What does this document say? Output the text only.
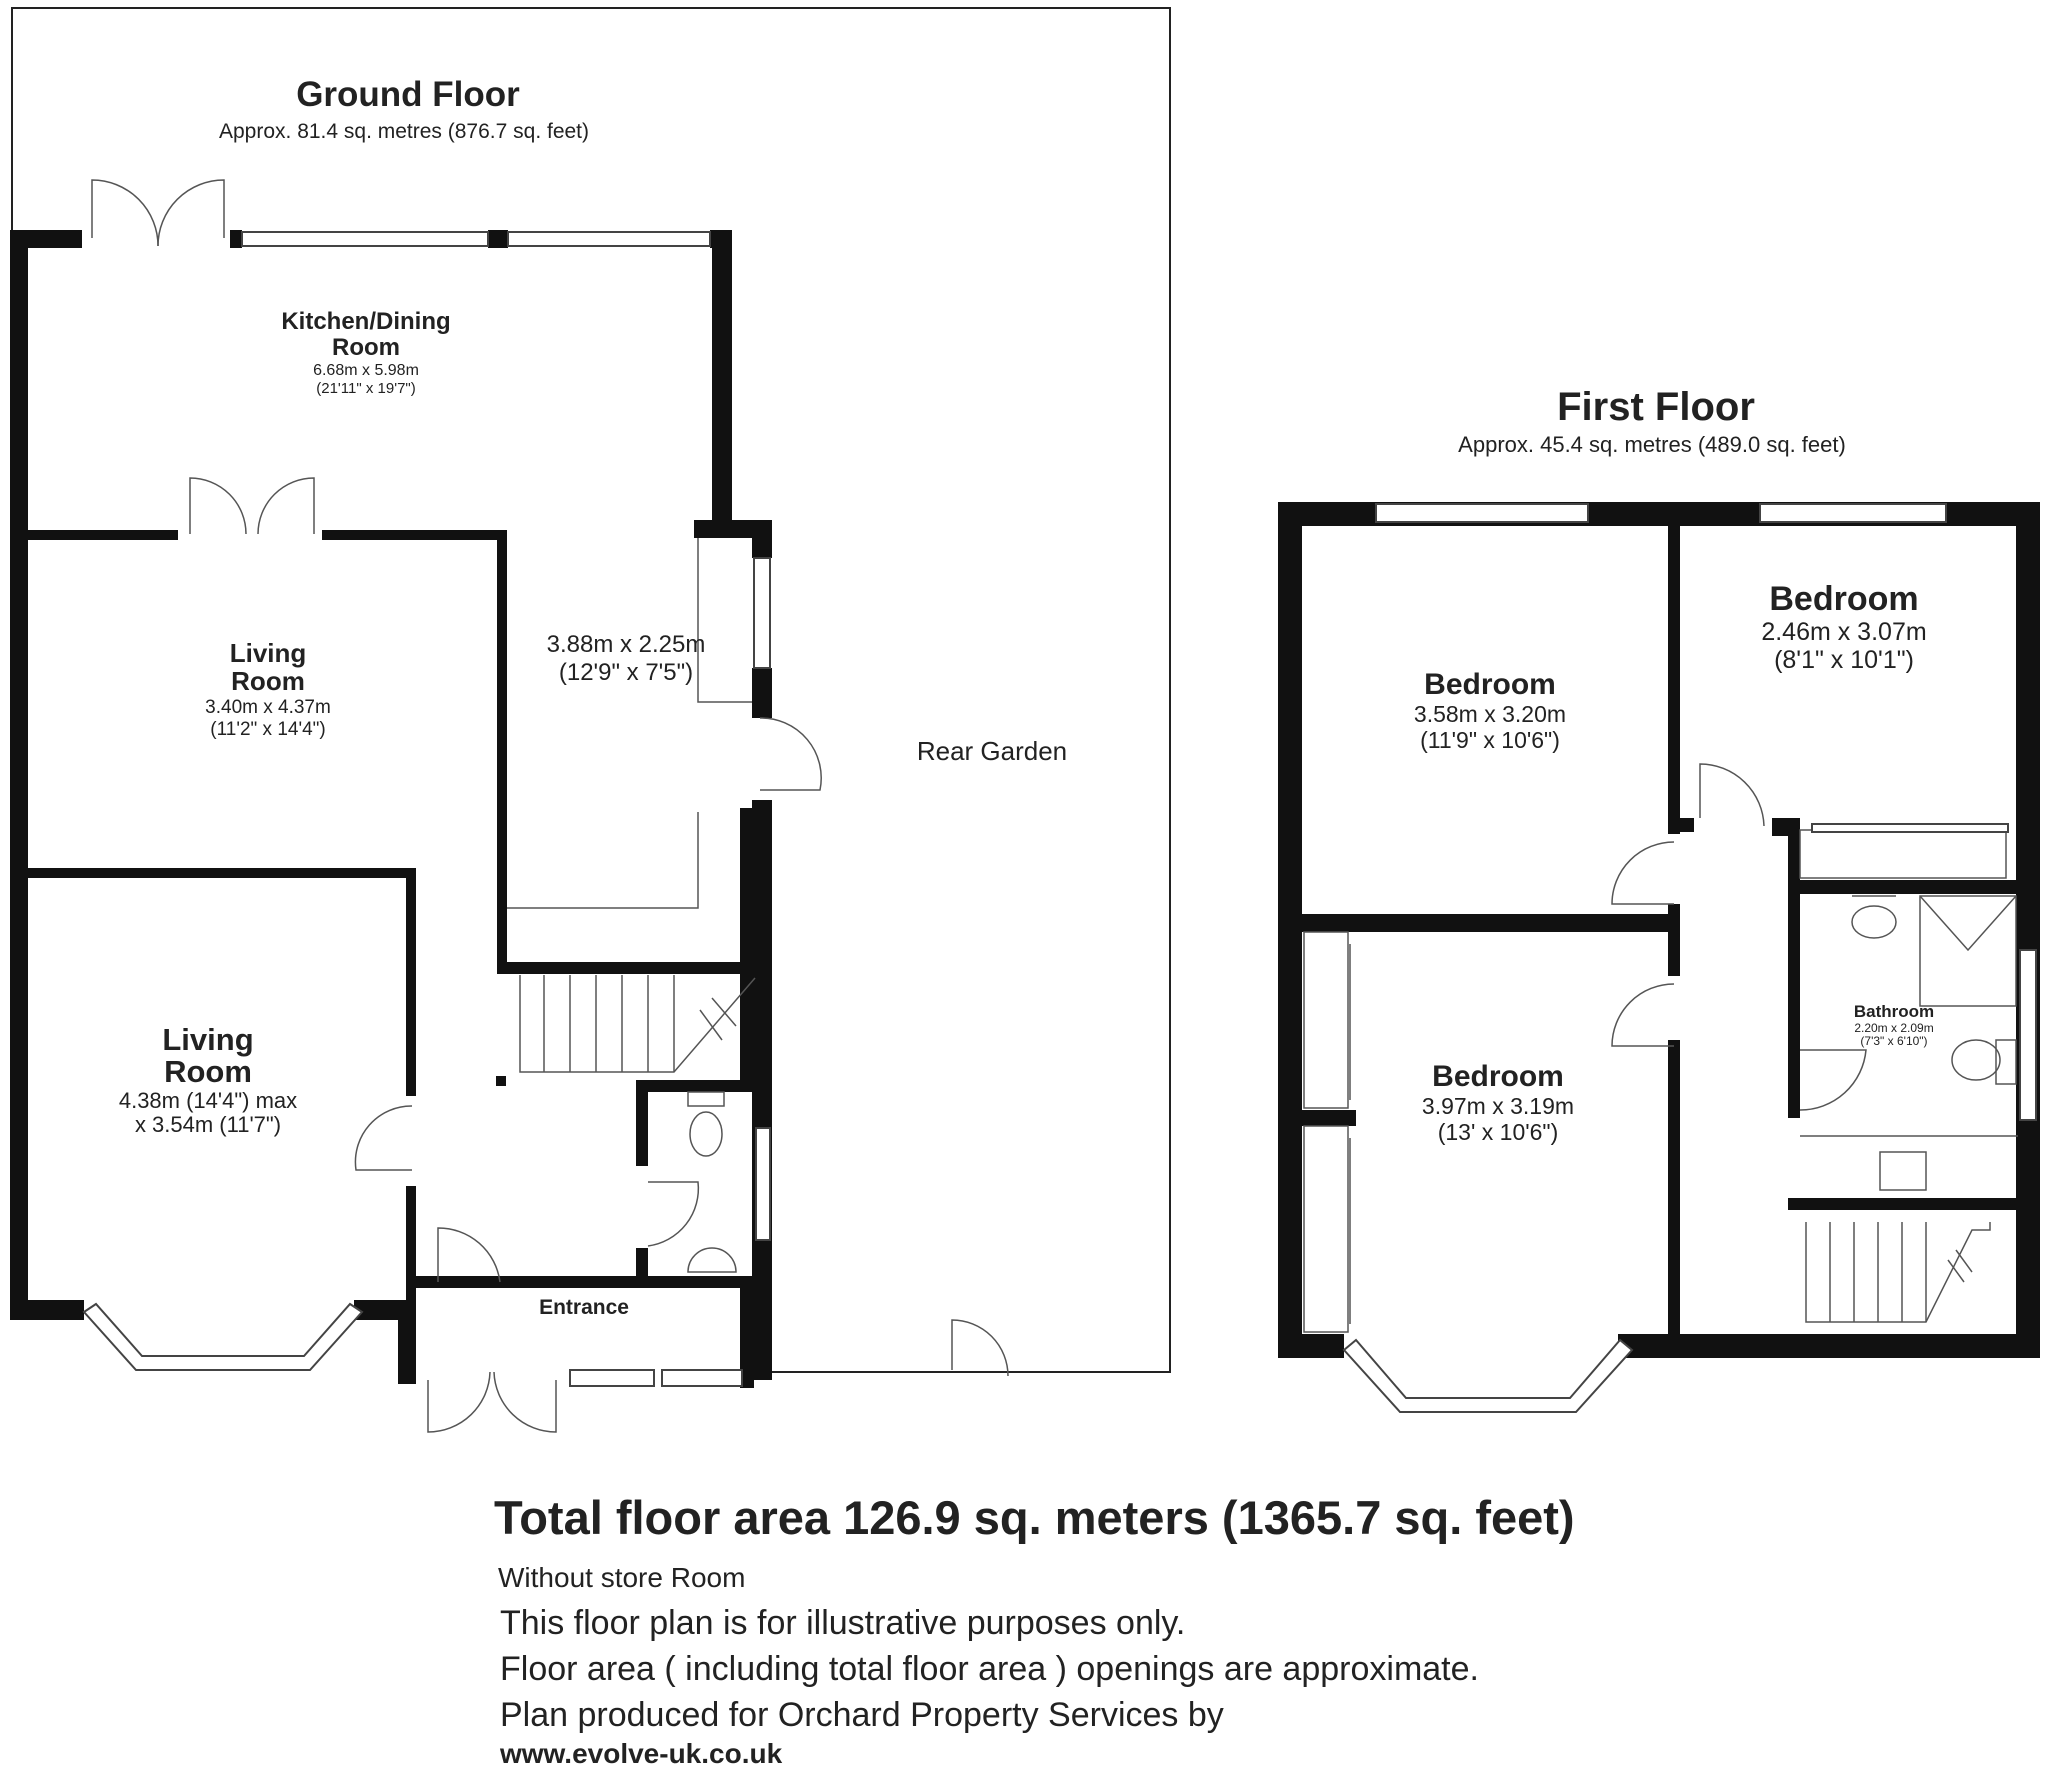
Ground Floor
Approx. 81.4 sq. metres (876.7 sq. feet)
Kitchen/Dining
Room
6.68m x 5.98m
(21'11" x 19'7")
3.88m x 2.25m
(12'9" x 7'5")
Living
Room
3.40m x 4.37m
(11'2" x 14'4")
Living
Room
4.38m (14'4") max
x 3.54m (11'7")
Entrance
Rear Garden
First Floor
Approx. 45.4 sq. metres (489.0 sq. feet)
Bedroom
3.58m x 3.20m
(11'9" x 10'6")
Bedroom
2.46m x 3.07m
(8'1" x 10'1")
Bedroom
3.97m x 3.19m
(13' x 10'6")
Bathroom
2.20m x 2.09m
(7'3" x 6'10")
Total floor area 126.9 sq. meters (1365.7 sq. feet)
Without store Room
This floor plan is for illustrative purposes only.
Floor area ( including total floor area ) openings are approximate.
Plan produced for Orchard Property Services by
www.evolve-uk.co.uk
